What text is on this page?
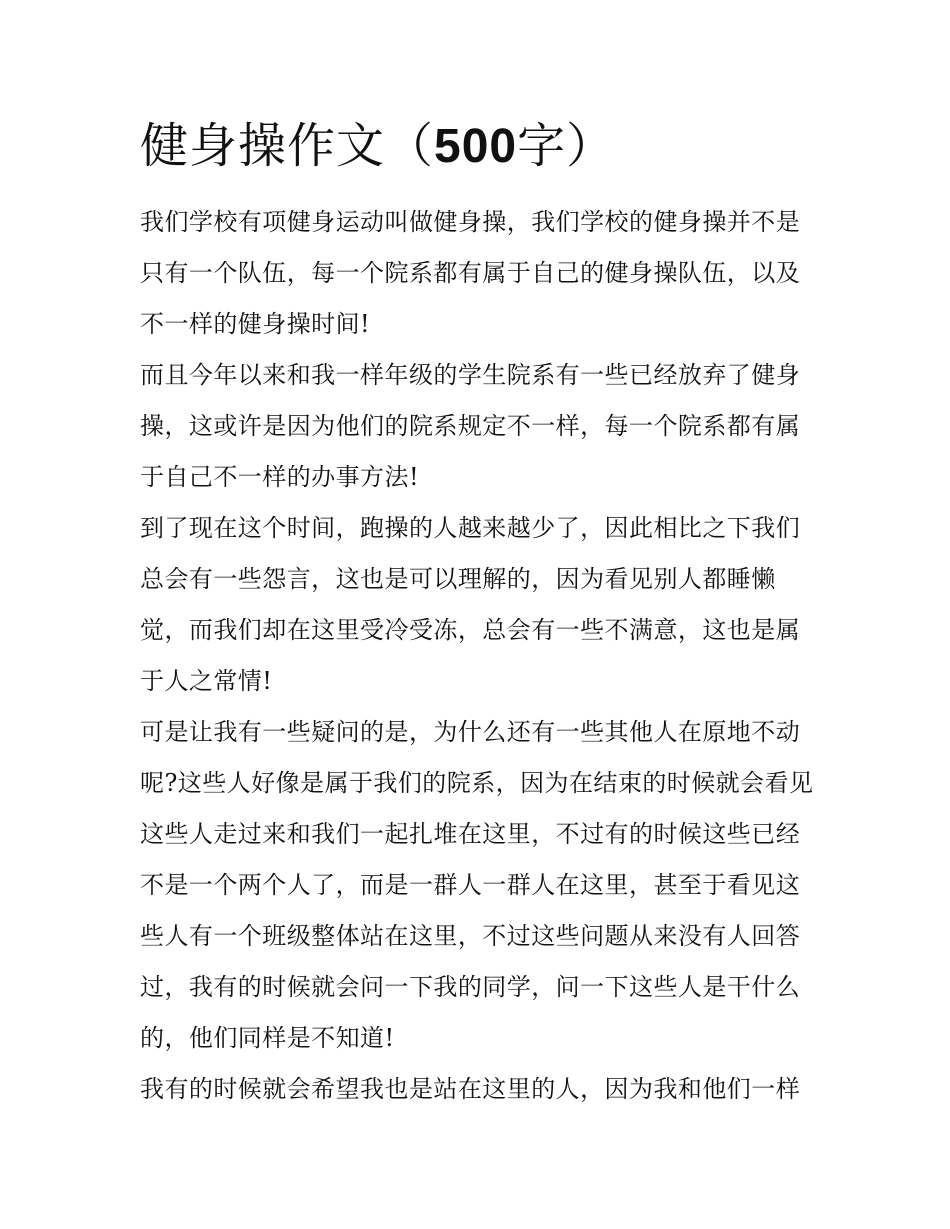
健身操作文（500字）

我们学校有项健身运动叫做健身操，我们学校的健身操并不是只有一个队伍，每一个院系都有属于自己的健身操队伍，以及不一样的健身操时间!

而且今年以来和我一样年级的学生院系有一些已经放弃了健身操，这或许是因为他们的院系规定不一样，每一个院系都有属于自己不一样的办事方法!

到了现在这个时间，跑操的人越来越少了，因此相比之下我们总会有一些怨言，这也是可以理解的，因为看见别人都睡懒觉，而我们却在这里受冷受冻，总会有一些不满意，这也是属于人之常情!

可是让我有一些疑问的是，为什么还有一些其他人在原地不动呢?这些人好像是属于我们的院系，因为在结束的时候就会看见这些人走过来和我们一起扎堆在这里，不过有的时候这些已经不是一个两个人了，而是一群人一群人在这里，甚至于看见这些人有一个班级整体站在这里，不过这些问题从来没有人回答过，我有的时候就会问一下我的同学，问一下这些人是干什么的，他们同样是不知道!

我有的时候就会希望我也是站在这里的人，因为我和他们一样
